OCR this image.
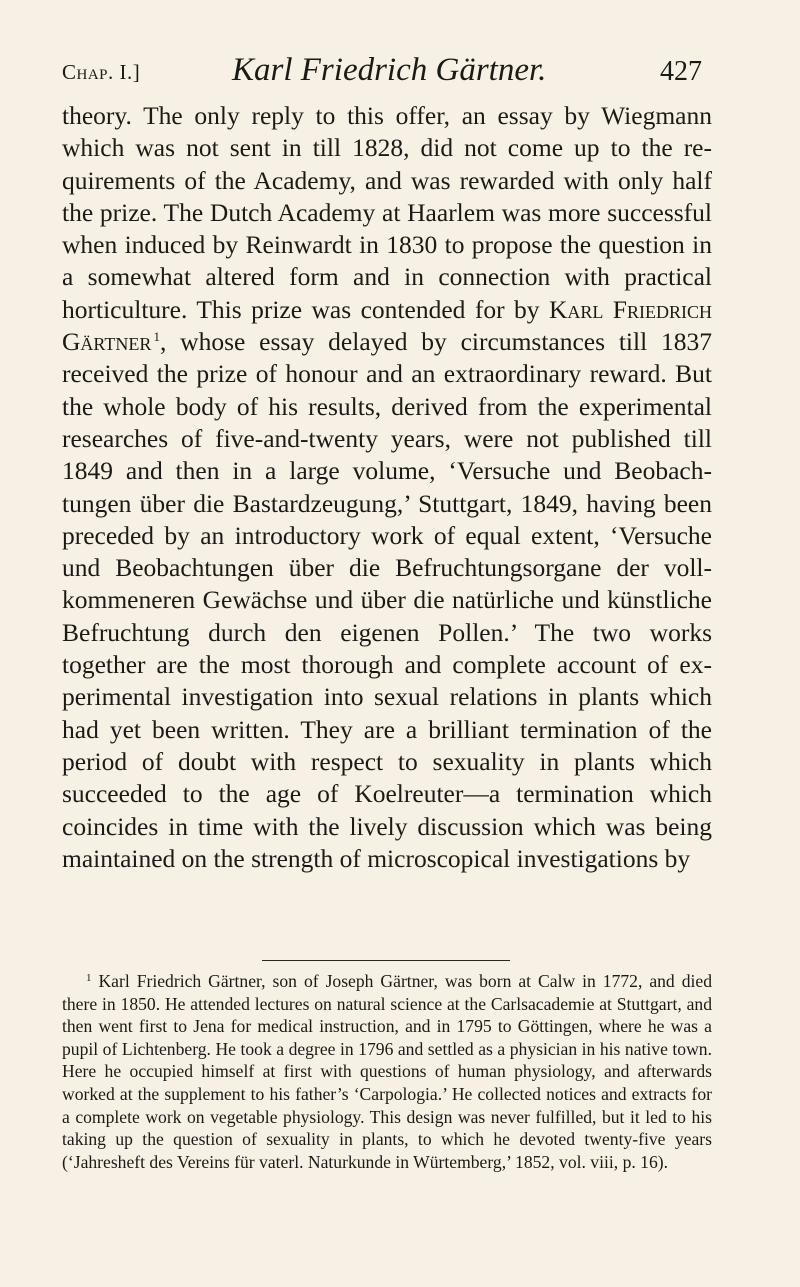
Chap. I.]	Karl Friedrich Gärtner.	427

theory. The only reply to this offer, an essay by Wiegmann which was not sent in till 1828, did not come up to the requirements of the Academy, and was rewarded with only half the prize. The Dutch Academy at Haarlem was more successful when induced by Reinwardt in 1830 to propose the question in a somewhat altered form and in connection with practical horticulture. This prize was contended for by Karl Friedrich Gärtner  $^1$, whose essay delayed by circumstances till 1837 received the prize of honour and an extraordinary reward. But the whole body of his results, derived from the experimental researches of five-and-twenty years, were not published till 1849 and then in a large volume, ‘Versuche und Beobachtungen über die Bastardzeugung,’ Stuttgart, 1849, having been preceded by an introductory work of equal extent, ‘Versuche und Beobachtungen über die Befruchtungsorgane der vollkommeneren Gewächse und über die natürliche und künstliche Befruchtung durch den eigenen Pollen.’ The two works together are the most thorough and complete account of experimental investigation into sexual relations in plants which had yet been written. They are a brilliant termination of the period of doubt with respect to sexuality in plants which succeeded to the age of Koelreuter—a termination which coincides in time with the lively discussion which was being maintained on the strength of microscopical investigations by

$^1$ Karl Friedrich Gärtner, son of Joseph Gärtner, was born at Calw in 1772, and died there in 1850. He attended lectures on natural science at the Carlsacademie at Stuttgart, and then went first to Jena for medical instruction, and in 1795 to Göttingen, where he was a pupil of Lichtenberg. He took a degree in 1796 and settled as a physician in his native town. Here he occupied himself at first with questions of human physiology, and afterwards worked at the supplement to his father’s ‘Carpologia.’ He collected notices and extracts for a complete work on vegetable physiology. This design was never fulfilled, but it led to his taking up the question of sexuality in plants, to which he devoted twenty-five years (‘Jahresheft des Vereins für vaterl. Naturkunde in Würtemberg,’ 1852, vol. viii, p. 16).
